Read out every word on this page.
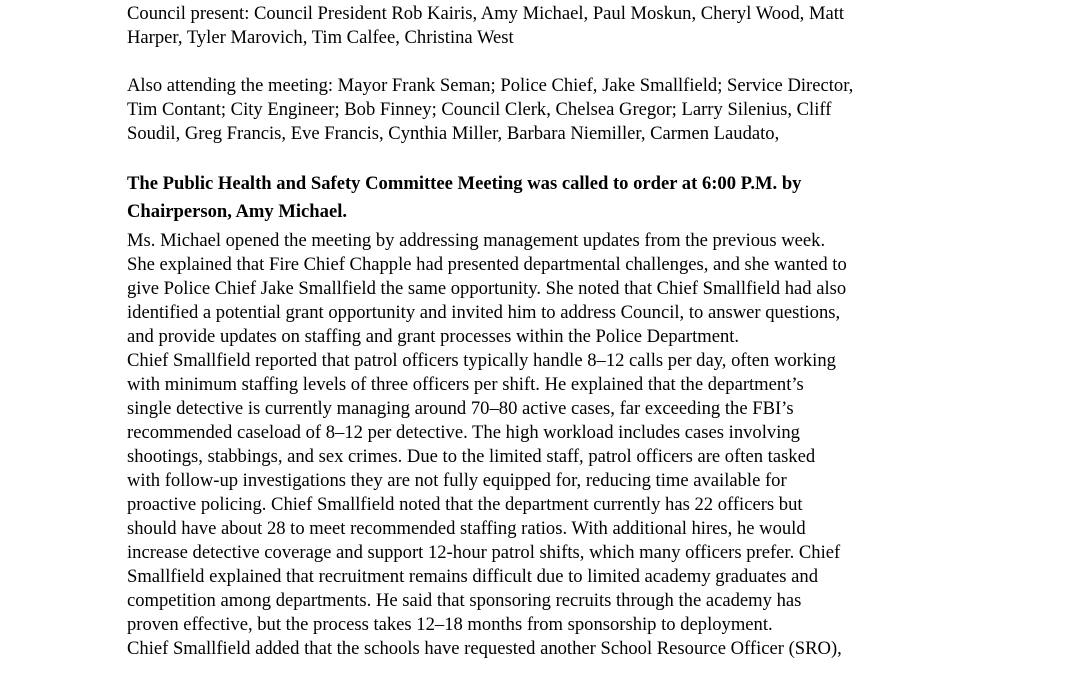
Council present: Council President Rob Kairis, Amy Michael, Paul Moskun, Cheryl Wood, Matt
Harper, Tyler Marovich, Tim Calfee, Christina West
Also attending the meeting: Mayor Frank Seman; Police Chief, Jake Smallfield; Service Director,
Tim Contant; City Engineer; Bob Finney; Council Clerk, Chelsea Gregor; Larry Silenius, Cliff
Soudil, Greg Francis, Eve Francis, Cynthia Miller, Barbara Niemiller, Carmen Laudato,
The Public Health and Safety Committee Meeting was called to order at 6:00 P.M. by
Chairperson, Amy Michael.
Ms. Michael opened the meeting by addressing management updates from the previous week.
She explained that Fire Chief Chapple had presented departmental challenges, and she wanted to
give Police Chief Jake Smallfield the same opportunity. She noted that Chief Smallfield had also
identified a potential grant opportunity and invited him to address Council, to answer questions,
and provide updates on staffing and grant processes within the Police Department.
Chief Smallfield reported that patrol officers typically handle 8–12 calls per day, often working
with minimum staffing levels of three officers per shift. He explained that the department’s
single detective is currently managing around 70–80 active cases, far exceeding the FBI’s
recommended caseload of 8–12 per detective. The high workload includes cases involving
shootings, stabbings, and sex crimes. Due to the limited staff, patrol officers are often tasked
with follow-up investigations they are not fully equipped for, reducing time available for
proactive policing. Chief Smallfield noted that the department currently has 22 officers but
should have about 28 to meet recommended staffing ratios. With additional hires, he would
increase detective coverage and support 12-hour patrol shifts, which many officers prefer. Chief
Smallfield explained that recruitment remains difficult due to limited academy graduates and
competition among departments. He said that sponsoring recruits through the academy has
proven effective, but the process takes 12–18 months from sponsorship to deployment.
Chief Smallfield added that the schools have requested another School Resource Officer (SRO),
